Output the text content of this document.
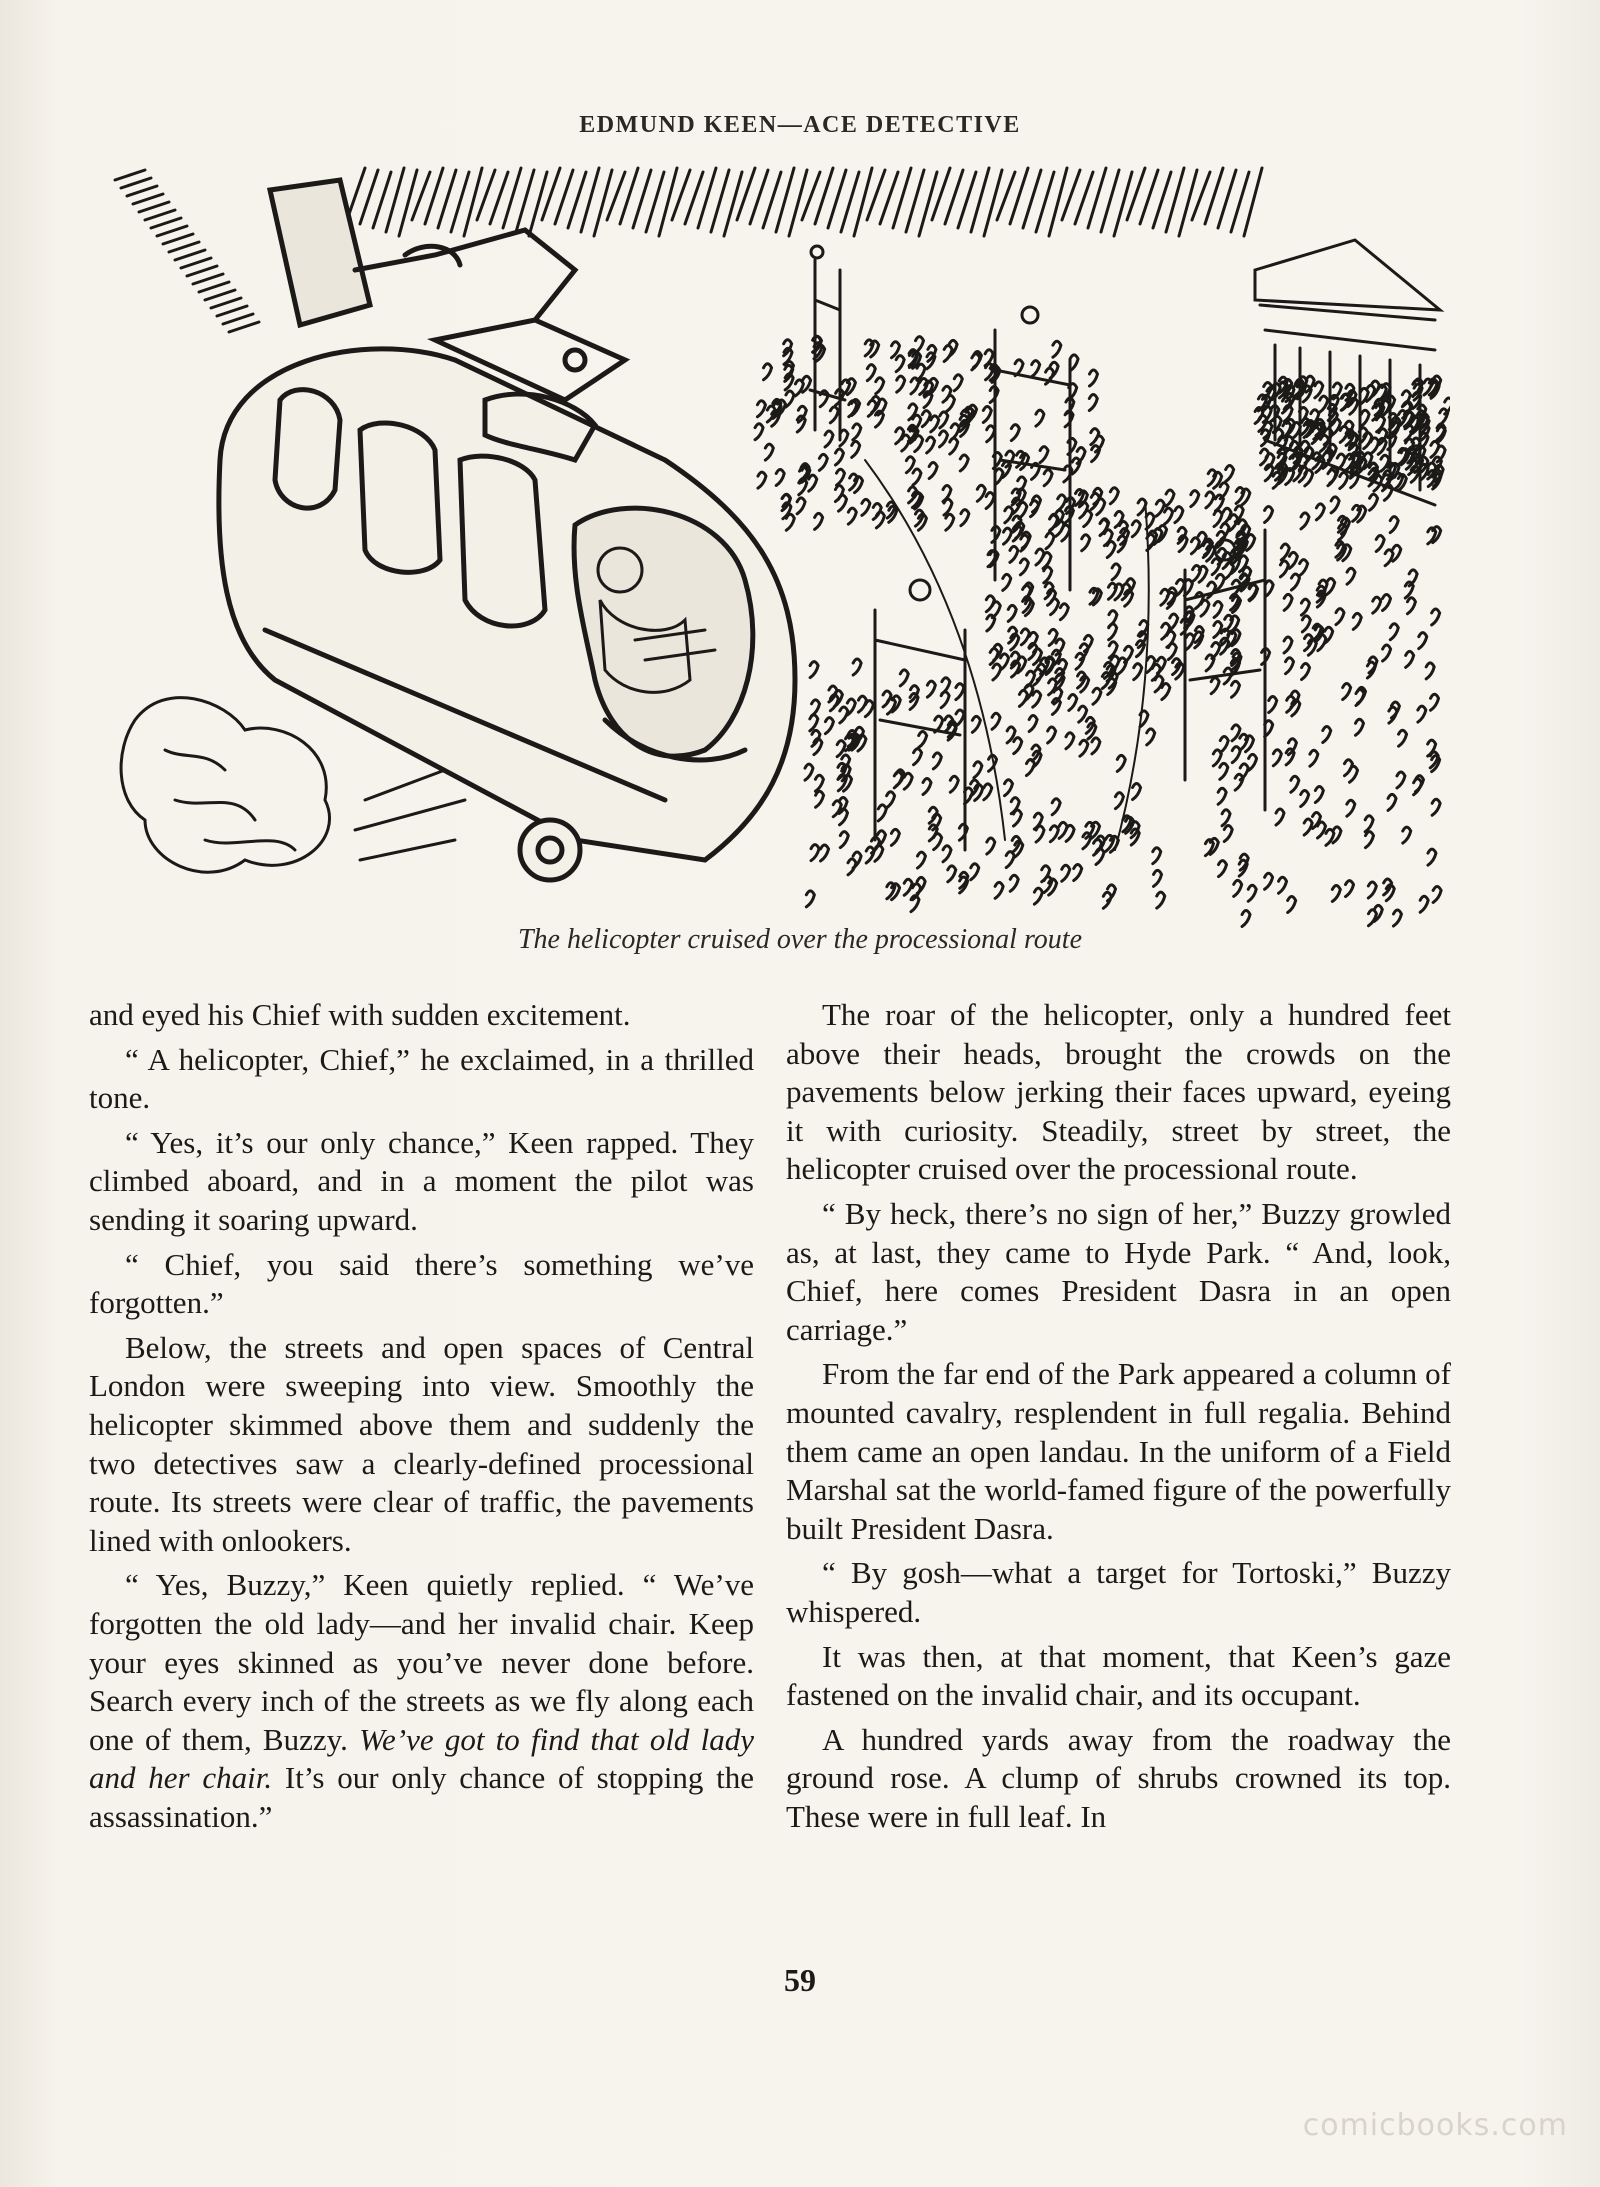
EDMUND KEEN—ACE DETECTIVE
The helicopter cruised over the processional route

and eyed his Chief with sudden excitement.

“ A helicopter, Chief,” he exclaimed, in a thrilled tone.

“ Yes, it’s our only chance,” Keen rapped. They climbed aboard, and in a moment the pilot was sending it soaring upward.

“ Chief, you said there’s something we’ve forgotten.”

Below, the streets and open spaces of Central London were sweeping into view. Smoothly the helicopter skimmed above them and suddenly the two detectives saw a clearly-defined processional route. Its streets were clear of traffic, the pavements lined with onlookers.

“ Yes, Buzzy,” Keen quietly replied. “ We’ve forgotten the old lady—and her invalid chair. Keep your eyes skinned as you’ve never done before. Search every inch of the streets as we fly along each one of them, Buzzy. We’ve got to find that old lady and her chair. It’s our only chance of stopping the assassination.”

The roar of the helicopter, only a hundred feet above their heads, brought the crowds on the pavements below jerking their faces upward, eyeing it with curiosity. Steadily, street by street, the helicopter cruised over the processional route.

“ By heck, there’s no sign of her,” Buzzy growled as, at last, they came to Hyde Park. “ And, look, Chief, here comes President Dasra in an open carriage.”

From the far end of the Park appeared a column of mounted cavalry, resplendent in full regalia. Behind them came an open landau. In the uniform of a Field Marshal sat the world-famed figure of the powerfully built President Dasra.

“ By gosh—what a target for Tortoski,” Buzzy whispered.

It was then, at that moment, that Keen’s gaze fastened on the invalid chair, and its occupant.

A hundred yards away from the roadway the ground rose. A clump of shrubs crowned its top. These were in full leaf. In

59
comicbooks.com
